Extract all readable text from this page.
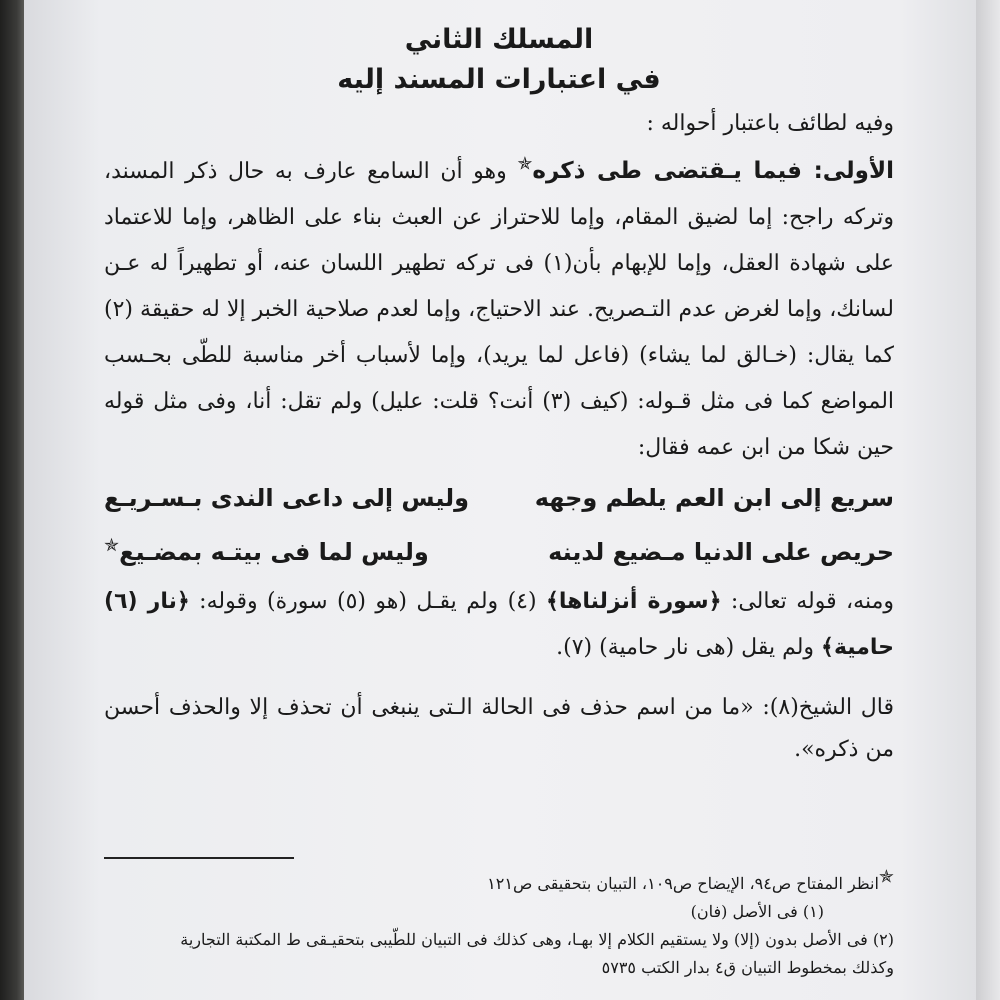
المسلك الثاني
في اعتبارات المسند إليه

وفيه لطائف باعتبار أحواله :

الأولى: فيما يـقتضى طى ذكره✯ وهو أن السامع عارف به حال ذكر المسند، وتركه راجح: إما لضيق المقام، وإما للاحتراز عن العبث بناء على الظاهر، وإما للاعتماد على شهادة العقل، وإما للإبهام بأن(١) فى تركه تطهير اللسان عنه، أو تطهيراً له عـن لسانك، وإما لغرض عدم التـصريح. عند الاحتياج، وإما لعدم صلاحية الخبر إلا له حقيقة (٢) كما يقال: (خـالق لما يشاء) (فاعل لما يريد)، وإما لأسباب أخر مناسبة للطّى بحـسب المواضع كما فى مثل قـوله: (كيف (٣) أنت؟ قلت: عليل) ولم تقل: أنا، وفى مثل قوله حين شكا من ابن عمه فقال:

سريع إلى ابن العم يلطم وجهه
وليس إلى داعى الندى بـسـريـع
حريص على الدنيا مـضيع لدينه
وليس لما فى بيتـه بمضـيع✯

ومنه، قوله تعالى: ﴿سورة أنزلناها﴾ (٤) ولم يقـل (هو (٥) سورة) وقوله: ﴿نار (٦) حامية﴾ ولم يقل (هى نار حامية) (٧).

قال الشيخ(٨): «ما من اسم حذف فى الحالة الـتى ينبغى أن تحذف إلا والحذف أحسن من ذكره».

✯انظر المفتاح ص٩٤، الإيضاح ص١٠٩، التبيان بتحقيقى ص١٢١

(١) فى الأصل (فان)

(٢) فى الأصل بدون (إلا) ولا يستقيم الكلام إلا بهـا، وهى كذلك فى التبيان للطّيبى بتحقيـقى ط المكتبة التجارية

وكذلك بمخطوط التبيان ق٤ بدار الكتب ٥٧٣٥
